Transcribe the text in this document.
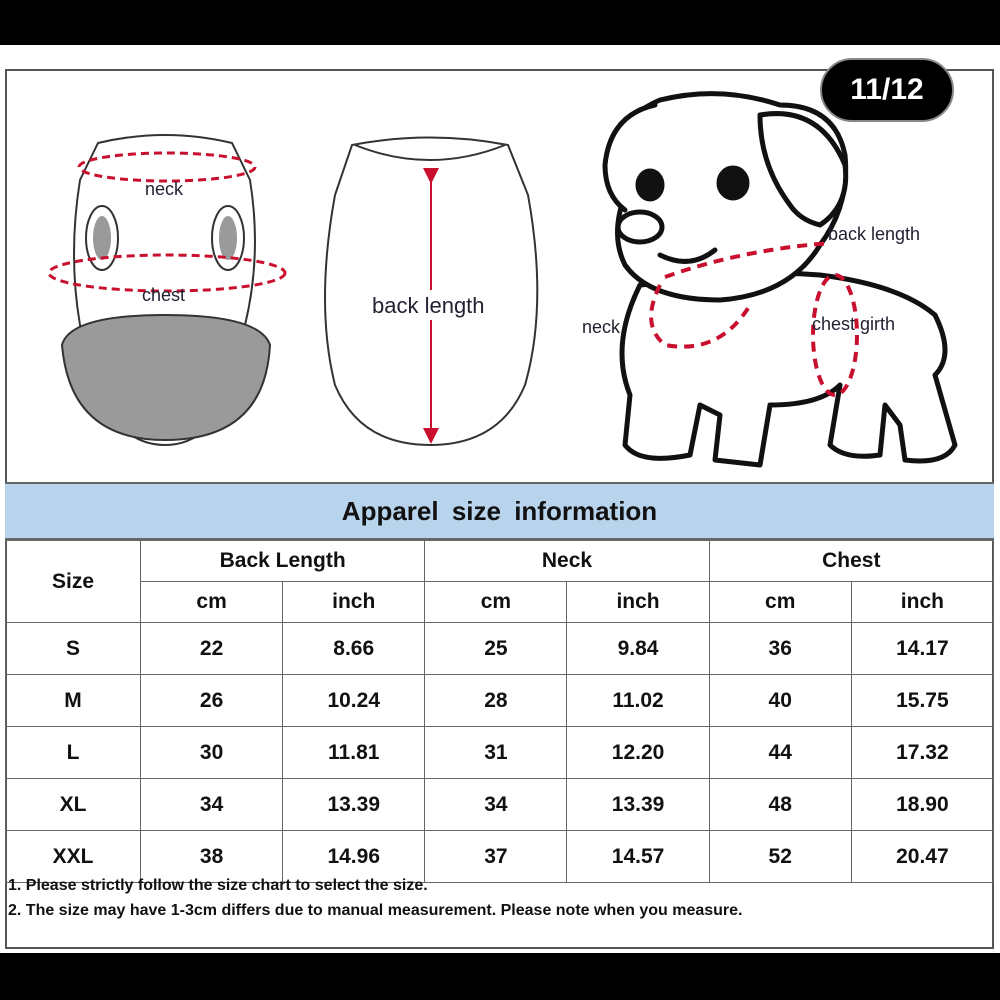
neck
chest	back length
back length
neck	chest girth
11/12
Apparel size information
Size	Back Length		Neck		Chest	
	cm	inch	cm	inch	cm	inch
S	22	8.66	25	9.84	36	14.17
M	26	10.24	28	11.02	40	15.75
L	30	11.81	31	12.20	44	17.32
XL	34	13.39	34	13.39	48	18.90
XXL	38	14.96	37	14.57	52	20.47
1. Please strictly follow the size chart to select the size.
2. The size may have 1-3cm differs due to manual measurement. Please note when you measure.
